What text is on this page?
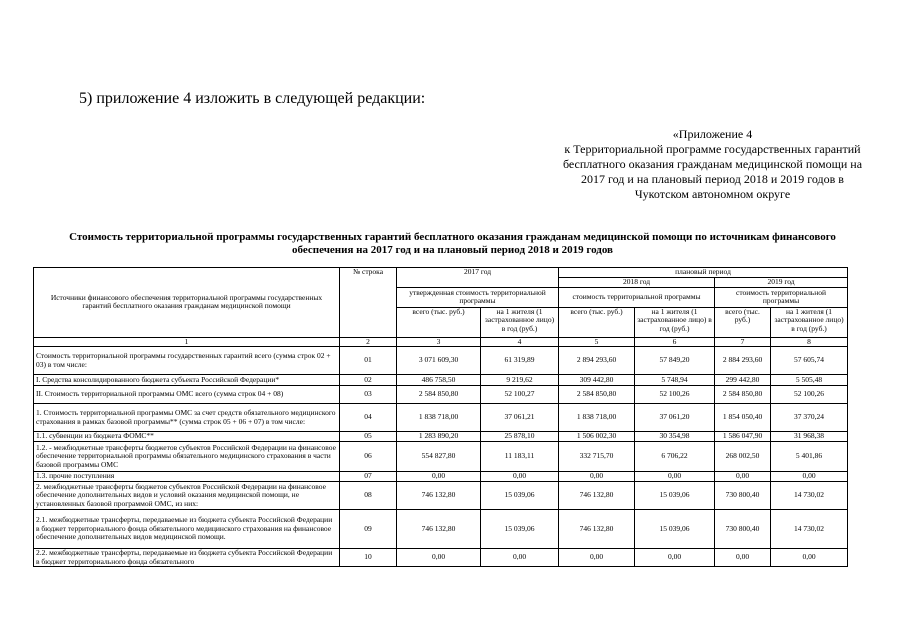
5) приложение 4 изложить в следующей редакции:
«Приложение 4
к Территориальной программе государственных гарантий
бесплатного оказания гражданам медицинской помощи на
2017 год и на плановый период 2018 и 2019 годов в
Чукотском автономном округе
Стоимость территориальной программы государственных гарантий бесплатного оказания гражданам медицинской помощи по источникам финансового
обеспечения на 2017 год и на плановый период 2018 и 2019 годов
Источники финансового обеспечения территориальной программы государственных гарантий бесплатного оказания гражданам медицинской помощи	№ строка	2017 год		плановый период			
				2018 год		2019 год	
		утвержденная стоимость территориальной программы		стоимость территориальной программы		стоимость территориальной программы	
		всего (тыс. руб.)	на 1 жителя (1 застрахованное лицо) в год (руб.)	всего (тыс. руб.)	на 1 жителя (1 застрахованное лицо) в год (руб.)	всего (тыс. руб.)	на 1 жителя (1 застрахованное лицо) в год (руб.)
1	2	3	4	5	6	7	8
Стоимость территориальной программы государственных гарантий всего (сумма строк 02 + 03) в том числе:	01	3 071 609,30	61 319,89	2 894 293,60	57 849,20	2 884 293,60	57 605,74
I. Средства консолидированного бюджета субъекта Российской Федерации*	02	486 758,50	9 219,62	309 442,80	5 748,94	299 442,80	5 505,48
II. Стоимость территориальной программы ОМС всего (сумма строк 04 + 08)	03	2 584 850,80	52 100,27	2 584 850,80	52 100,26	2 584 850,80	52 100,26
1. Стоимость территориальной программы ОМС за счет средств обязательного медицинского страхования в рамках базовой программы** (сумма строк 05 + 06 + 07) в том числе:	04	1 838 718,00	37 061,21	1 838 718,00	37 061,20	1 854 050,40	37 370,24
1.1. субвенции из бюджета ФОМС**	05	1 283 890,20	25 878,10	1 506 002,30	30 354,98	1 586 047,90	31 968,38
1.2. - межбюджетные трансферты бюджетов субъектов Российской Федерации на финансовое обеспечение территориальной программы обязательного медицинского страхования в части базовой программы ОМС	06	554 827,80	11 183,11	332 715,70	6 706,22	268 002,50	5 401,86
1.3. прочие поступления	07	0,00	0,00	0,00	0,00	0,00	0,00
2. межбюджетные трансферты бюджетов субъектов Российской Федерации на финансовое обеспечение дополнительных видов и условий оказания медицинской помощи, не установленных базовой программой ОМС, из них:	08	746 132,80	15 039,06	746 132,80	15 039,06	730 800,40	14 730,02
2.1. межбюджетные трансферты, передаваемые из бюджета субъекта Российской Федерации в бюджет территориального фонда обязательного медицинского страхования на финансовое обеспечение дополнительных видов медицинской помощи.	09	746 132,80	15 039,06	746 132,80	15 039,06	730 800,40	14 730,02
2.2. межбюджетные трансферты, передаваемые из бюджета субъекта Российской Федерации в бюджет территориального фонда обязательного	10	0,00	0,00	0,00	0,00	0,00	0,00
